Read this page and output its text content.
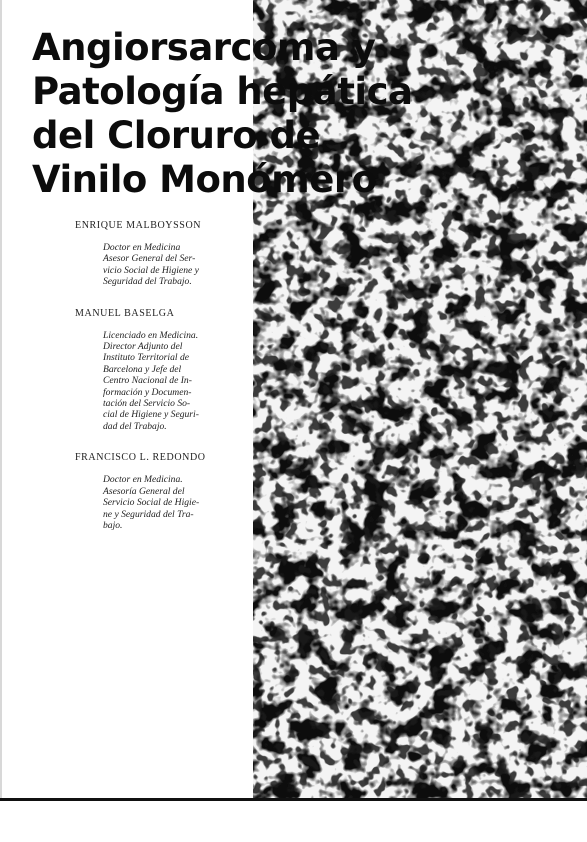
Angiorsarcoma y
Patología hepática
del Cloruro de
Vinilo Monómero

ENRIQUE MALBOYSSON

Doctor en Medicina
Asesor General del Ser-
vicio Social de Higiene y
Seguridad del Trabajo.

MANUEL BASELGA

Licenciado en Medicina.
Director Adjunto del
Instituto Territorial de
Barcelona y Jefe del
Centro Nacional de In-
formación y Documen-
tación del Servicio So-
cial de Higiene y Seguri-
dad del Trabajo.

FRANCISCO L. REDONDO

Doctor en Medicina.
Asesoría General del
Servicio Social de Higie-
ne y Seguridad del Tra-
bajo.
